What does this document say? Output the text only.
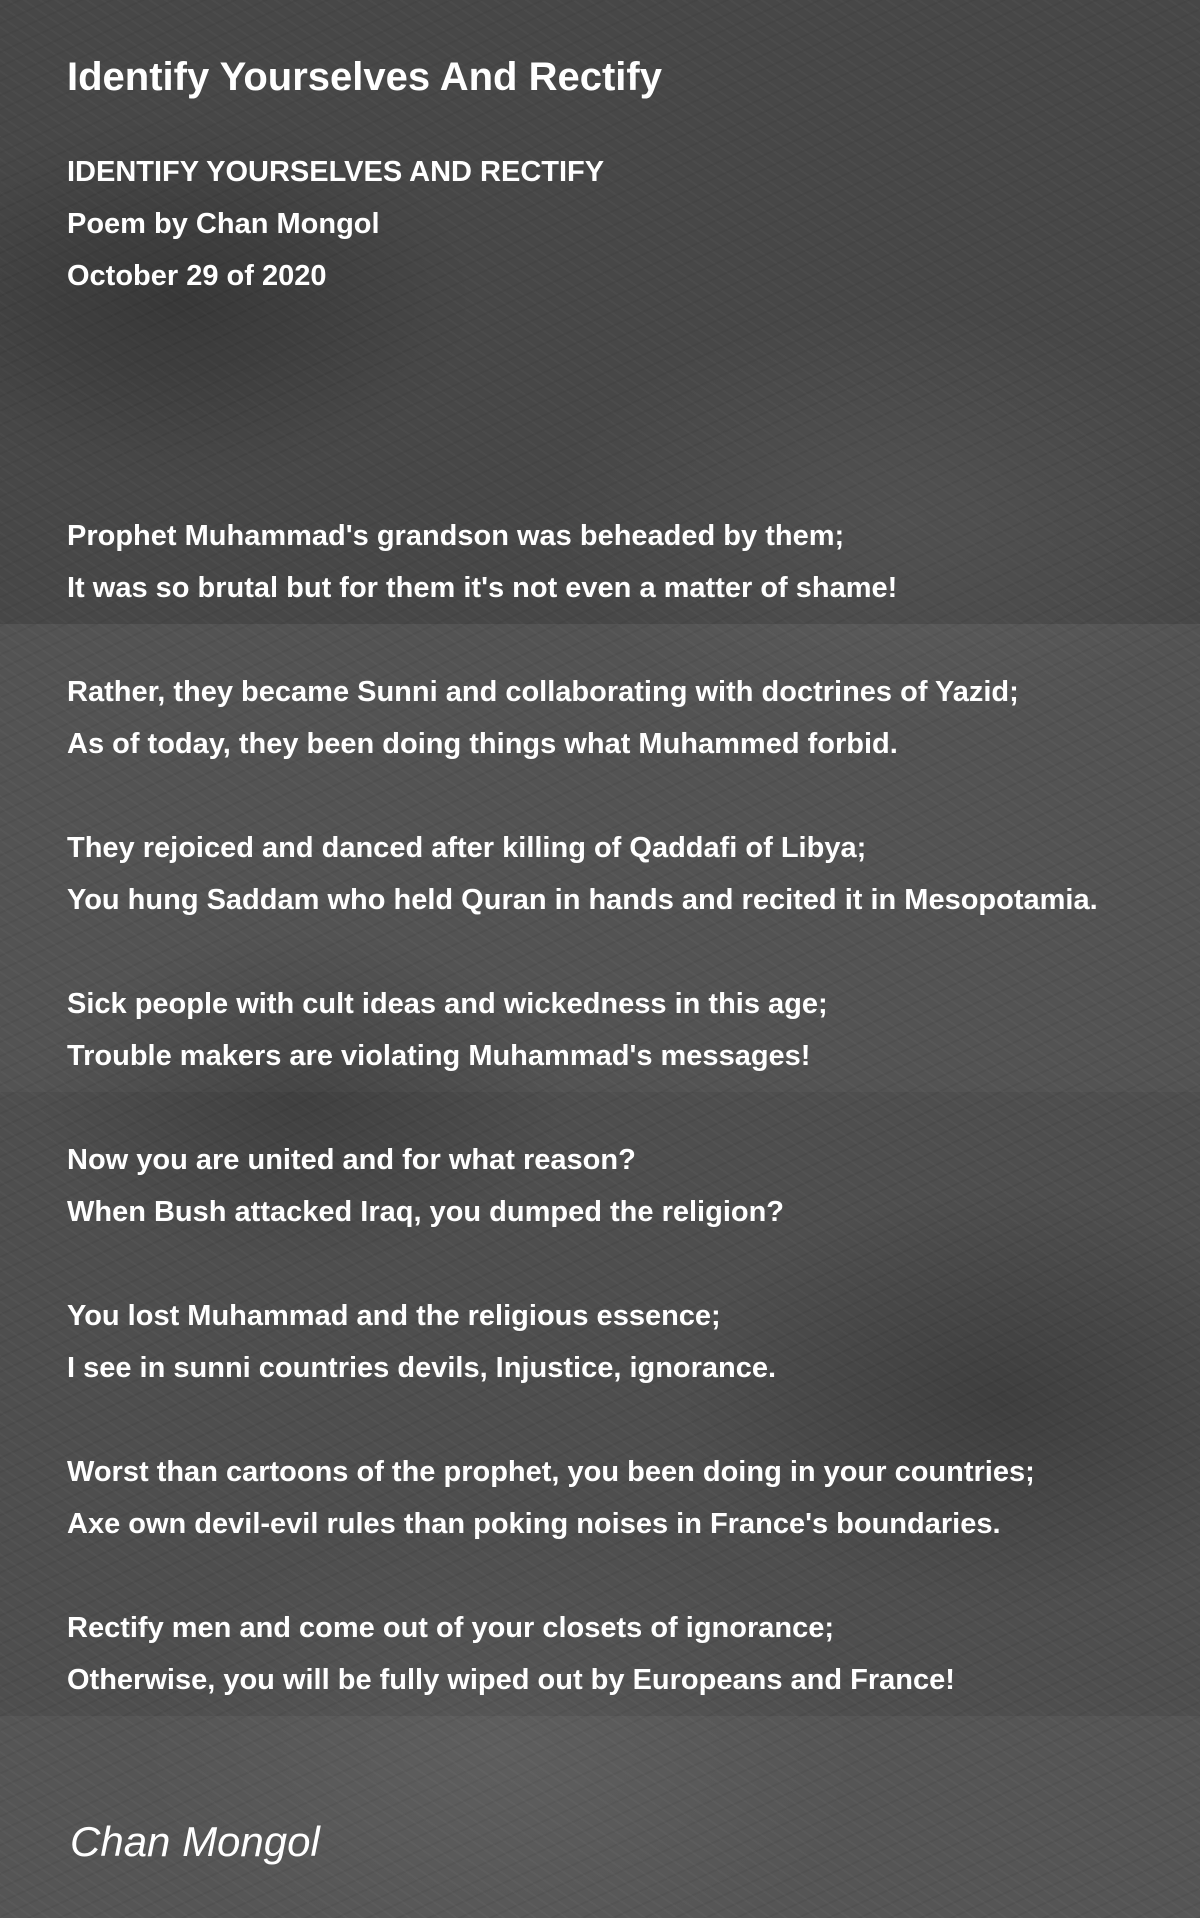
Identify Yourselves And Rectify
IDENTIFY YOURSELVES AND RECTIFY
Poem by Chan Mongol
October 29 of 2020
Prophet Muhammad's grandson was beheaded by them;
It was so brutal but for them it's not even a matter of shame!
Rather, they became Sunni and collaborating with doctrines of Yazid;
As of today, they been doing things what Muhammed forbid.
They rejoiced and danced after killing of Qaddafi of Libya;
You hung Saddam who held Quran in hands and recited it in Mesopotamia.
Sick people with cult ideas and wickedness in this age;
Trouble makers are violating Muhammad's messages!
Now you are united and for what reason?
When Bush attacked Iraq, you dumped the religion?
You lost Muhammad and the religious essence;
I see in sunni countries devils, Injustice, ignorance.
Worst than cartoons of the prophet, you been doing in your countries;
Axe own devil-evil rules than poking noises in France's boundaries.
Rectify men and come out of your closets of ignorance;
Otherwise, you will be fully wiped out by Europeans and France!
Chan Mongol
